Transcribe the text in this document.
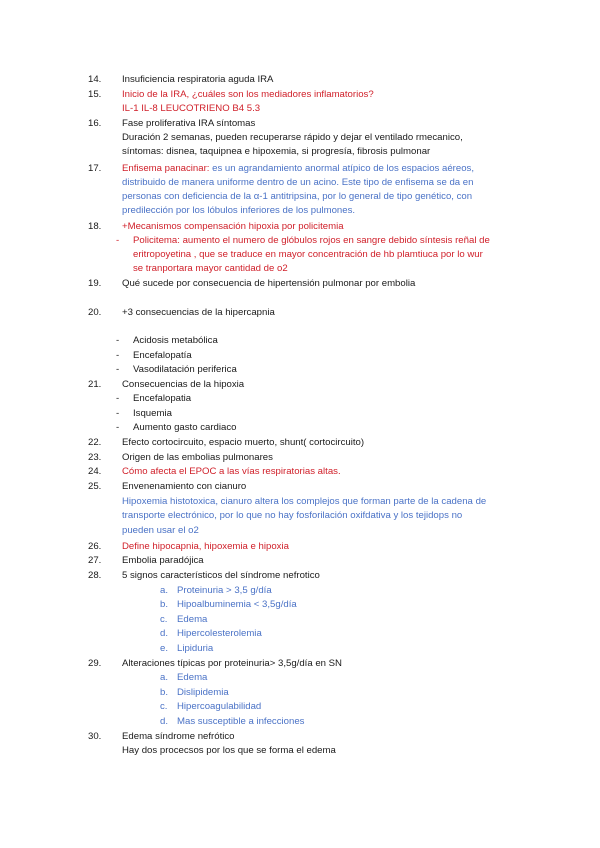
14. Insuficiencia respiratoria aguda IRA
15. Inicio de la IRA, ¿cuáles son los mediadores inflamatorios?
IL-1 IL-8 LEUCOTRIENO B4 5.3
16. Fase proliferativa IRA síntomas
Duración 2 semanas, pueden recuperarse rápido y dejar el ventilado rmecanico,
síntomas: disnea, taquipnea e hipoxemia, si progresía, fibrosis pulmonar
17. Enfisema panacinar: es un agrandamiento anormal atípico de los espacios aéreos,
distribuido de manera uniforme dentro de un acino. Este tipo de enfisema se da en
personas con deficiencia de la α-1 antitripsina, por lo general de tipo genético, con
predilección por los lóbulos inferiores de los pulmones.
18. +Mecanismos compensación hipoxia por policitemia
- Policitema: aumento el numero de glóbulos rojos en sangre debido síntesis reñal de
eritropoyetina , que se traduce en mayor concentración de hb plamtiuca por lo wur
se tranportara mayor cantidad de o2
19. Qué sucede por consecuencia de hipertensión pulmonar por embolia
20. +3 consecuencias de la hipercapnia
- Acidosis metabólica
- Encefalopatía
- Vasodilatación periferica
21. Consecuencias de la hipoxia
- Encefalopatia
- Isquemia
- Aumento gasto cardiaco
22. Efecto cortocircuito, espacio muerto, shunt( cortocircuito)
23. Origen de las embolias pulmonares
24. Cómo afecta el EPOC a las vías respiratorias altas.
25. Envenenamiento con cianuro
Hipoxemia histotoxica, cianuro altera los complejos que forman parte de la cadena de
transporte electrónico, por lo que no hay fosforilación oxifdativa y los tejidops no
pueden usar el o2
26. Define hipocapnia, hipoxemia e hipoxia
27. Embolia paradójica
28. 5 signos característicos del síndrome nefrotico
a. Proteinuria > 3,5 g/día
b. Hipoalbuminemia < 3,5g/día
c. Edema
d. Hipercolesterolemia
e. Lipiduria
29. Alteraciones típicas por proteinuria> 3,5g/día en SN
a. Edema
b. Dislipidemia
c. Hipercoagulabilidad
d. Mas susceptible a infecciones
30. Edema síndrome nefrótico
Hay dos procecsos por los que se forma el edema
